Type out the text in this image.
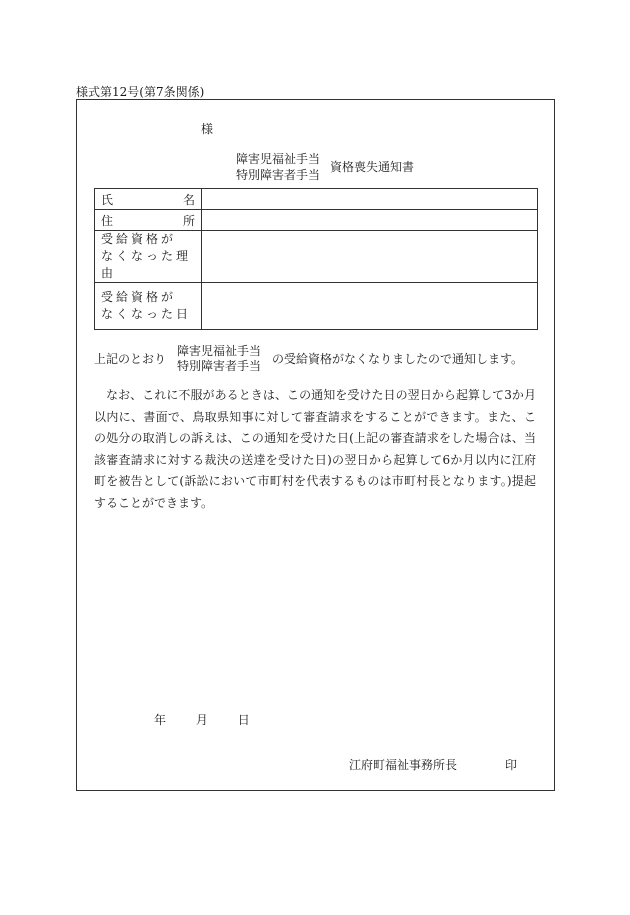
様式第12号(第7条関係)
様
障害児福祉手当
特別障害者手当
資格喪失通知書
氏 名	

住 所	

受給資格が
なくなった理由	

受給資格が
なくなった日	

上記のとおり
障害児福祉手当
特別障害者手当 の受給資格がなくなりましたので通知します。

なお、これに不服があるときは、この通知を受けた日の翌日から起算して3か月以内に、書面で、鳥取県知事に対して審査請求をすることができます。また、この処分の取消しの訴えは、この通知を受けた日(上記の審査請求をした場合は、当該審査請求に対する裁決の送達を受けた日)の翌日から起算して6か月以内に江府町を被告として(訴訟において市町村を代表するものは市町村長となります。)提起することができます。

年 月 日
江府町福祉事務所長	印
